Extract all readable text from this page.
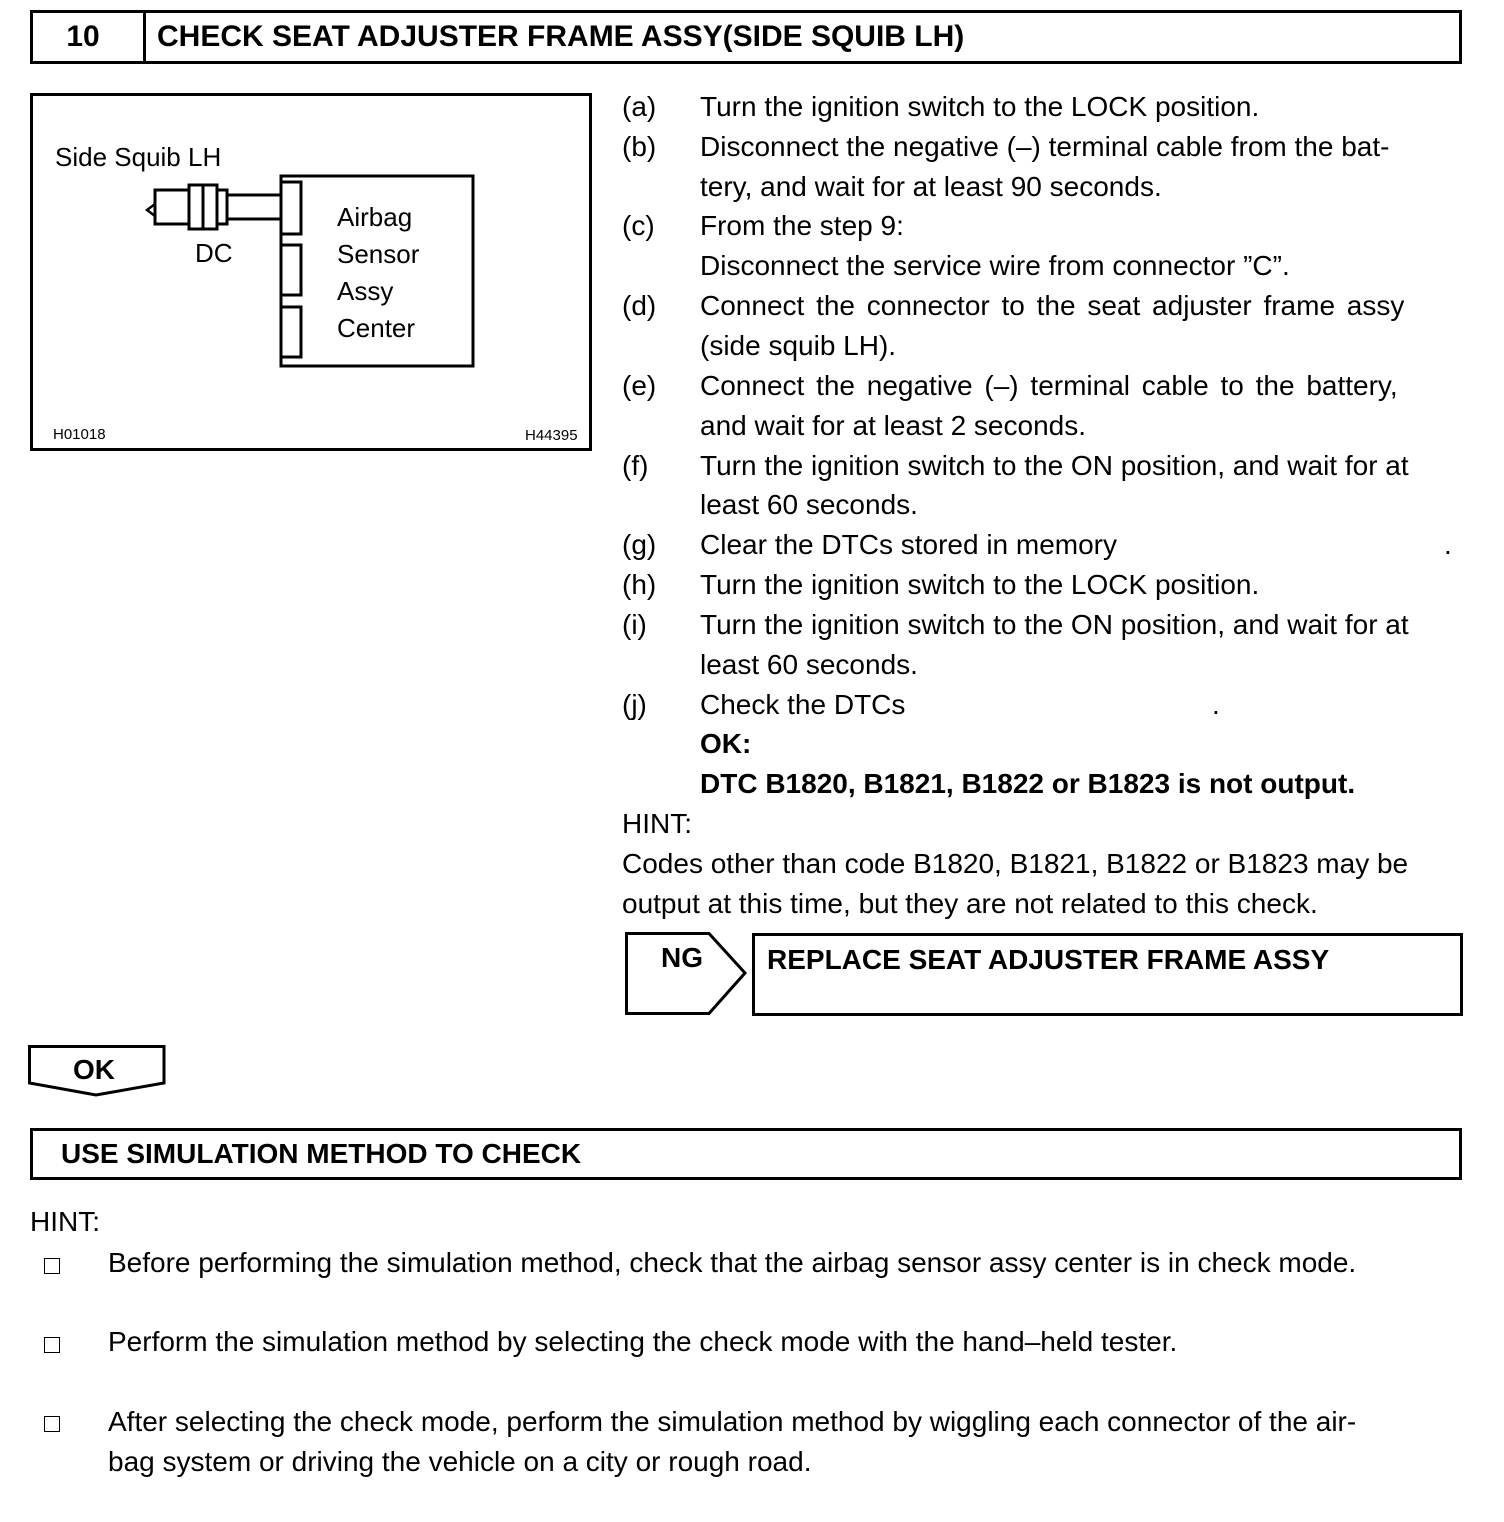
10	CHECK SEAT ADJUSTER FRAME ASSY(SIDE SQUIB LH)
Side Squib LH
DC
Airbag
Sensor
Assy
Center
H01018	H44395
(a) Turn the ignition switch to the LOCK position.
(b) Disconnect the negative (–) terminal cable from the bat-
tery, and wait for at least 90 seconds.
(c) From the step 9:
Disconnect the service wire from connector ”C”.
(d) Connect the connector to the seat adjuster frame assy
(side squib LH).
(e) Connect the negative (–) terminal cable to the battery,
and wait for at least 2 seconds.
(f) Turn the ignition switch to the ON position, and wait for at
least 60 seconds.
(g) Clear the DTCs stored in memory	.
(h) Turn the ignition switch to the LOCK position.
(i) Turn the ignition switch to the ON position, and wait for at
least 60 seconds.
(j) Check the DTCs	.
OK:
DTC B1820, B1821, B1822 or B1823 is not output.
HINT:
Codes other than code B1820, B1821, B1822 or B1823 may be
output at this time, but they are not related to this check.
NG	REPLACE SEAT ADJUSTER FRAME ASSY
OK
USE SIMULATION METHOD TO CHECK
HINT:
Before performing the simulation method, check that the airbag sensor assy center is in check mode.
Perform the simulation method by selecting the check mode with the hand–held tester.
After selecting the check mode, perform the simulation method by wiggling each connector of the air-
bag system or driving the vehicle on a city or rough road.
